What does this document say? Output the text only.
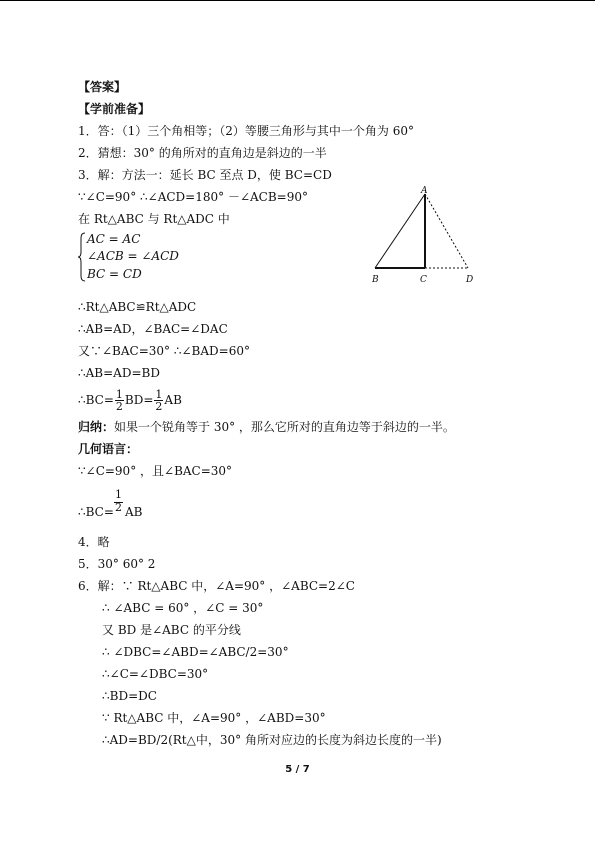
【答案】
【学前准备】
1．答：（1）三个角相等；（2）等腰三角形与其中一个角为 60°
2．猜想：30° 的角所对的直角边是斜边的一半
3．解：方法一：延长 BC 至点 D，使 BC=CD
∵∠C=90° ∴∠ACD=180° －∠ACB=90°
在 Rt△ABC 与 Rt△ADC 中
AC = AC
∠ACB = ∠ACD
BC = CD
A
B	C	D
∴Rt△ABC≌Rt△ADC
∴AB=AD，∠BAC=∠DAC
又∵∠BAC=30° ∴∠BAD=60°
∴AB=AD=BD
∴BC= $\frac{1}{2} BD= \frac{1}{2}$ AB
归纳：如果一个锐角等于 30° ，那么它所对的直角边等于斜边的一半。
几何语言：
∵∠C=90° ，且∠BAC=30°
1
2
∴BC= AB
4．略
5．30° 60° 2
6．解：∵ Rt△ABC 中，∠A=90° ，∠ABC=2∠C
∴ ∠ABC = 60° ，∠C = 30°
又 BD 是∠ABC 的平分线
∴ ∠DBC=∠ABD=∠ABC/2=30°
∴∠C=∠DBC=30°
∴BD=DC
∵ Rt△ABC 中，∠A=90° ，∠ABD=30°
∴AD=BD/2(Rt△中，30° 角所对应边的长度为斜边长度的一半)
5 / 7
